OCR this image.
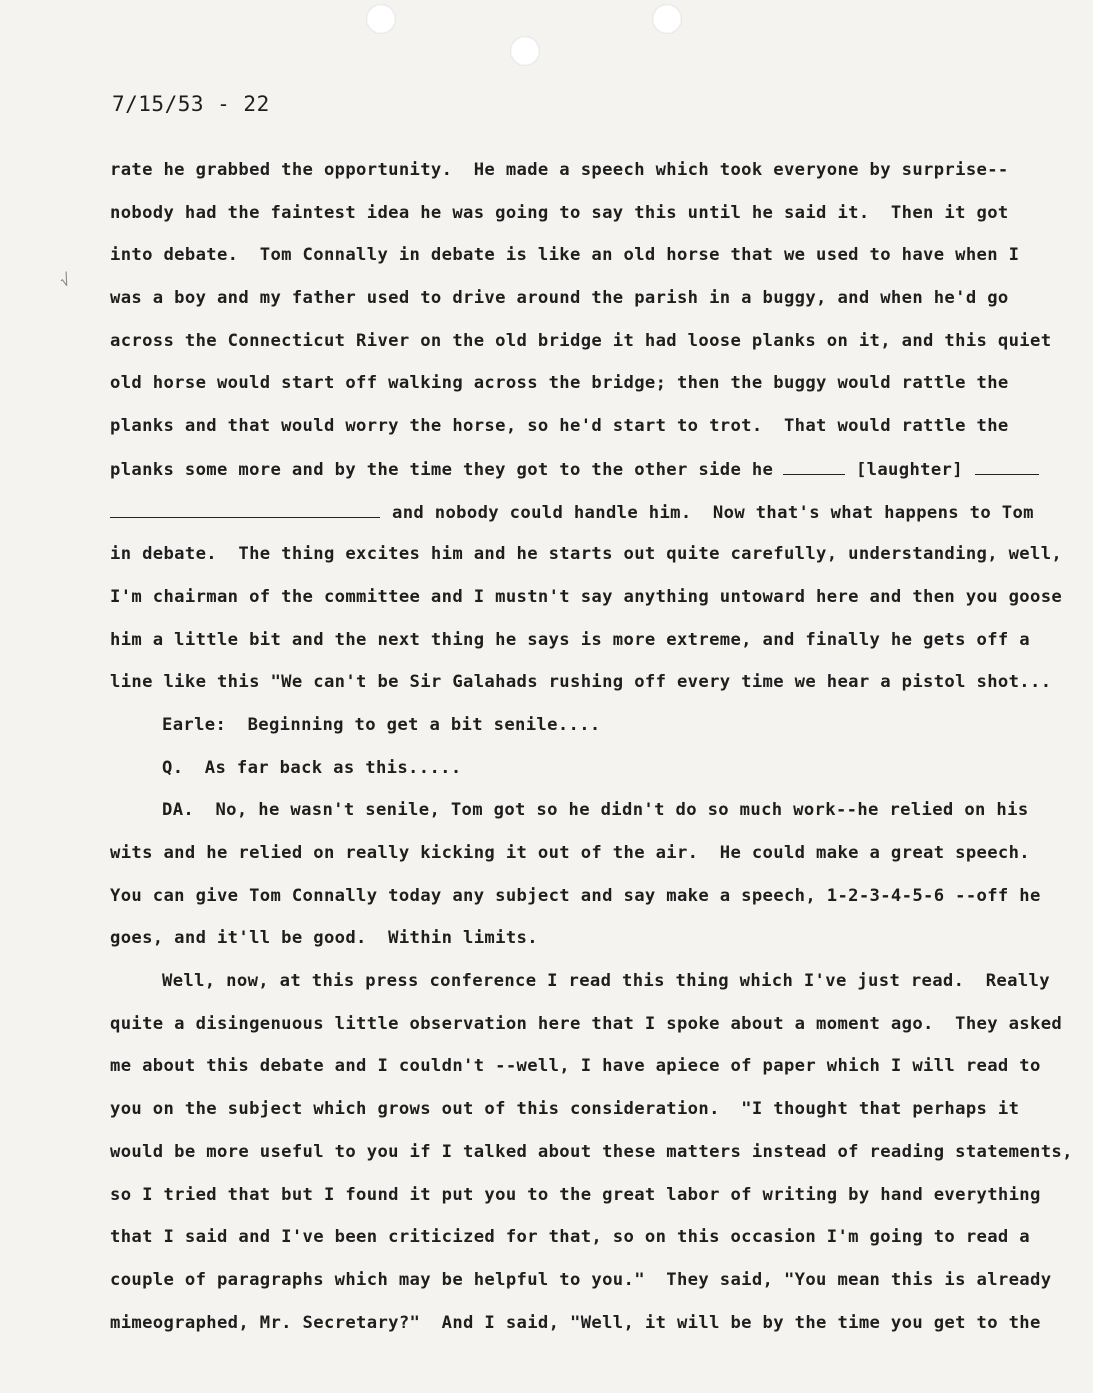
7/15/53 - 22
√
rate he grabbed the opportunity.  He made a speech which took everyone by surprise--
nobody had the faintest idea he was going to say this until he said it.  Then it got
into debate.  Tom Connally in debate is like an old horse that we used to have when I
was a boy and my father used to drive around the parish in a buggy, and when he'd go
across the Connecticut River on the old bridge it had loose planks on it, and this quiet
old horse would start off walking across the bridge; then the buggy would rattle the
planks and that would worry the horse, so he'd start to trot.  That would rattle the
planks some more and by the time they got to the other side he	[laughter]
and nobody could handle him.  Now that's what happens to Tom
in debate.  The thing excites him and he starts out quite carefully, understanding, well,
I'm chairman of the committee and I mustn't say anything untoward here and then you goose
him a little bit and the next thing he says is more extreme, and finally he gets off a
line like this "We can't be Sir Galahads rushing off every time we hear a pistol shot...
Earle:  Beginning to get a bit senile....
Q.  As far back as this.....
DA.  No, he wasn't senile, Tom got so he didn't do so much work--he relied on his
wits and he relied on really kicking it out of the air.  He could make a great speech.
You can give Tom Connally today any subject and say make a speech, 1-2-3-4-5-6 --off he
goes, and it'll be good.  Within limits.
Well, now, at this press conference I read this thing which I've just read.  Really
quite a disingenuous little observation here that I spoke about a moment ago.  They asked
me about this debate and I couldn't --well, I have apiece of paper which I will read to
you on the subject which grows out of this consideration.  "I thought that perhaps it
would be more useful to you if I talked about these matters instead of reading statements,
so I tried that but I found it put you to the great labor of writing by hand everything
that I said and I've been criticized for that, so on this occasion I'm going to read a
couple of paragraphs which may be helpful to you."  They said, "You mean this is already
mimeographed, Mr. Secretary?"  And I said, "Well, it will be by the time you get to the
